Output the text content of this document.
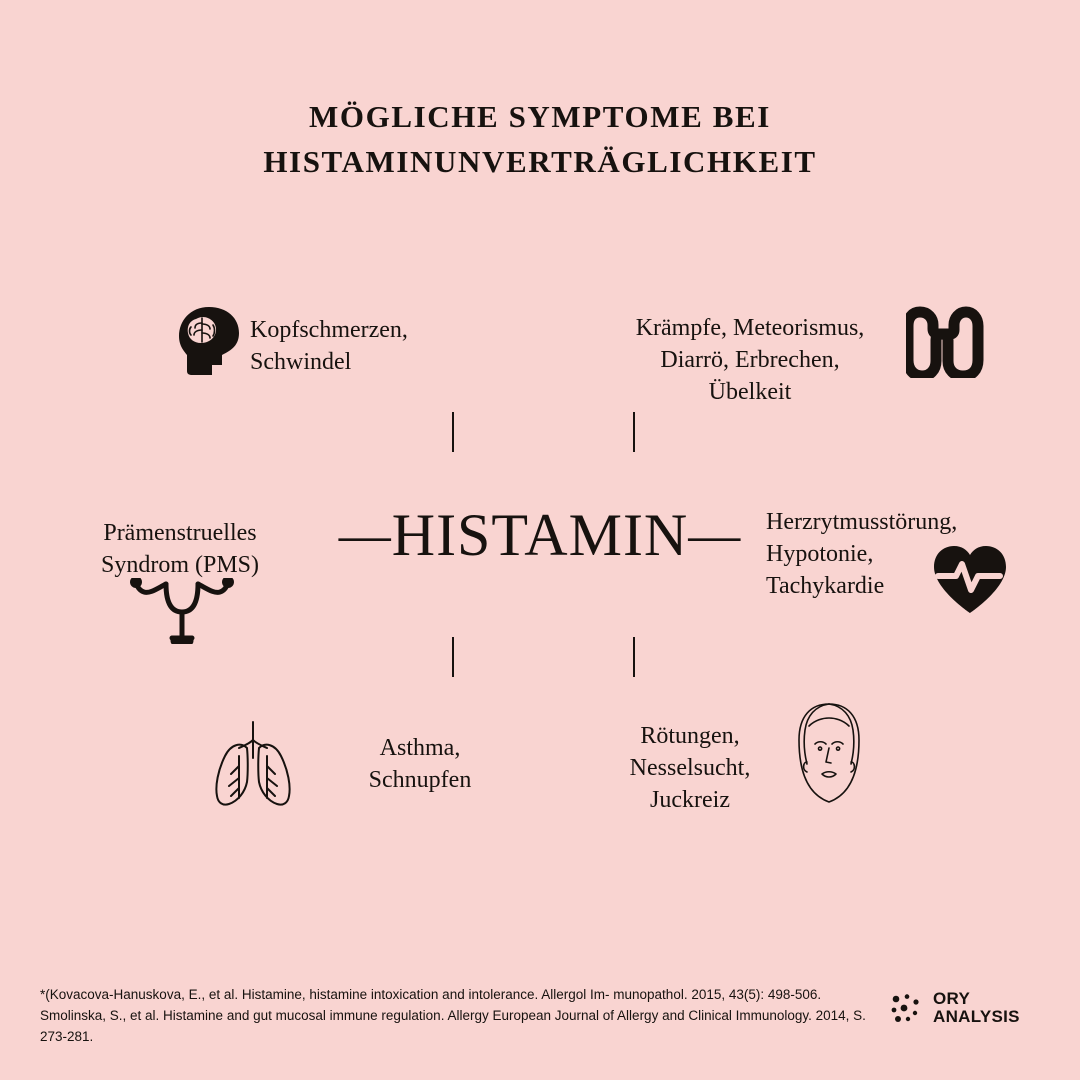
MÖGLICHE SYMPTOME BEI
HISTAMINUNVERTRÄGLICHKEIT
—HISTAMIN—
Kopfschmerzen,
Schwindel
Krämpfe, Meteorismus,
Diarrö, Erbrechen,
Übelkeit
Prämenstruelles
Syndrom (PMS)
Herzrytmusstörung,
Hypotonie,
Tachykardie
Asthma,
Schnupfen
Rötungen,
Nesselsucht,
Juckreiz
*(Kovacova-Hanuskova, E., et al. Histamine, histamine intoxication and intolerance. Allergol Im- munopathol. 2015, 43(5): 498-506. Smolinska, S., et al. Histamine and gut mucosal immune regulation. Allergy European Journal of Allergy and Clinical Immunology. 2014, S. 273-281.
ORY
ANALYSIS
